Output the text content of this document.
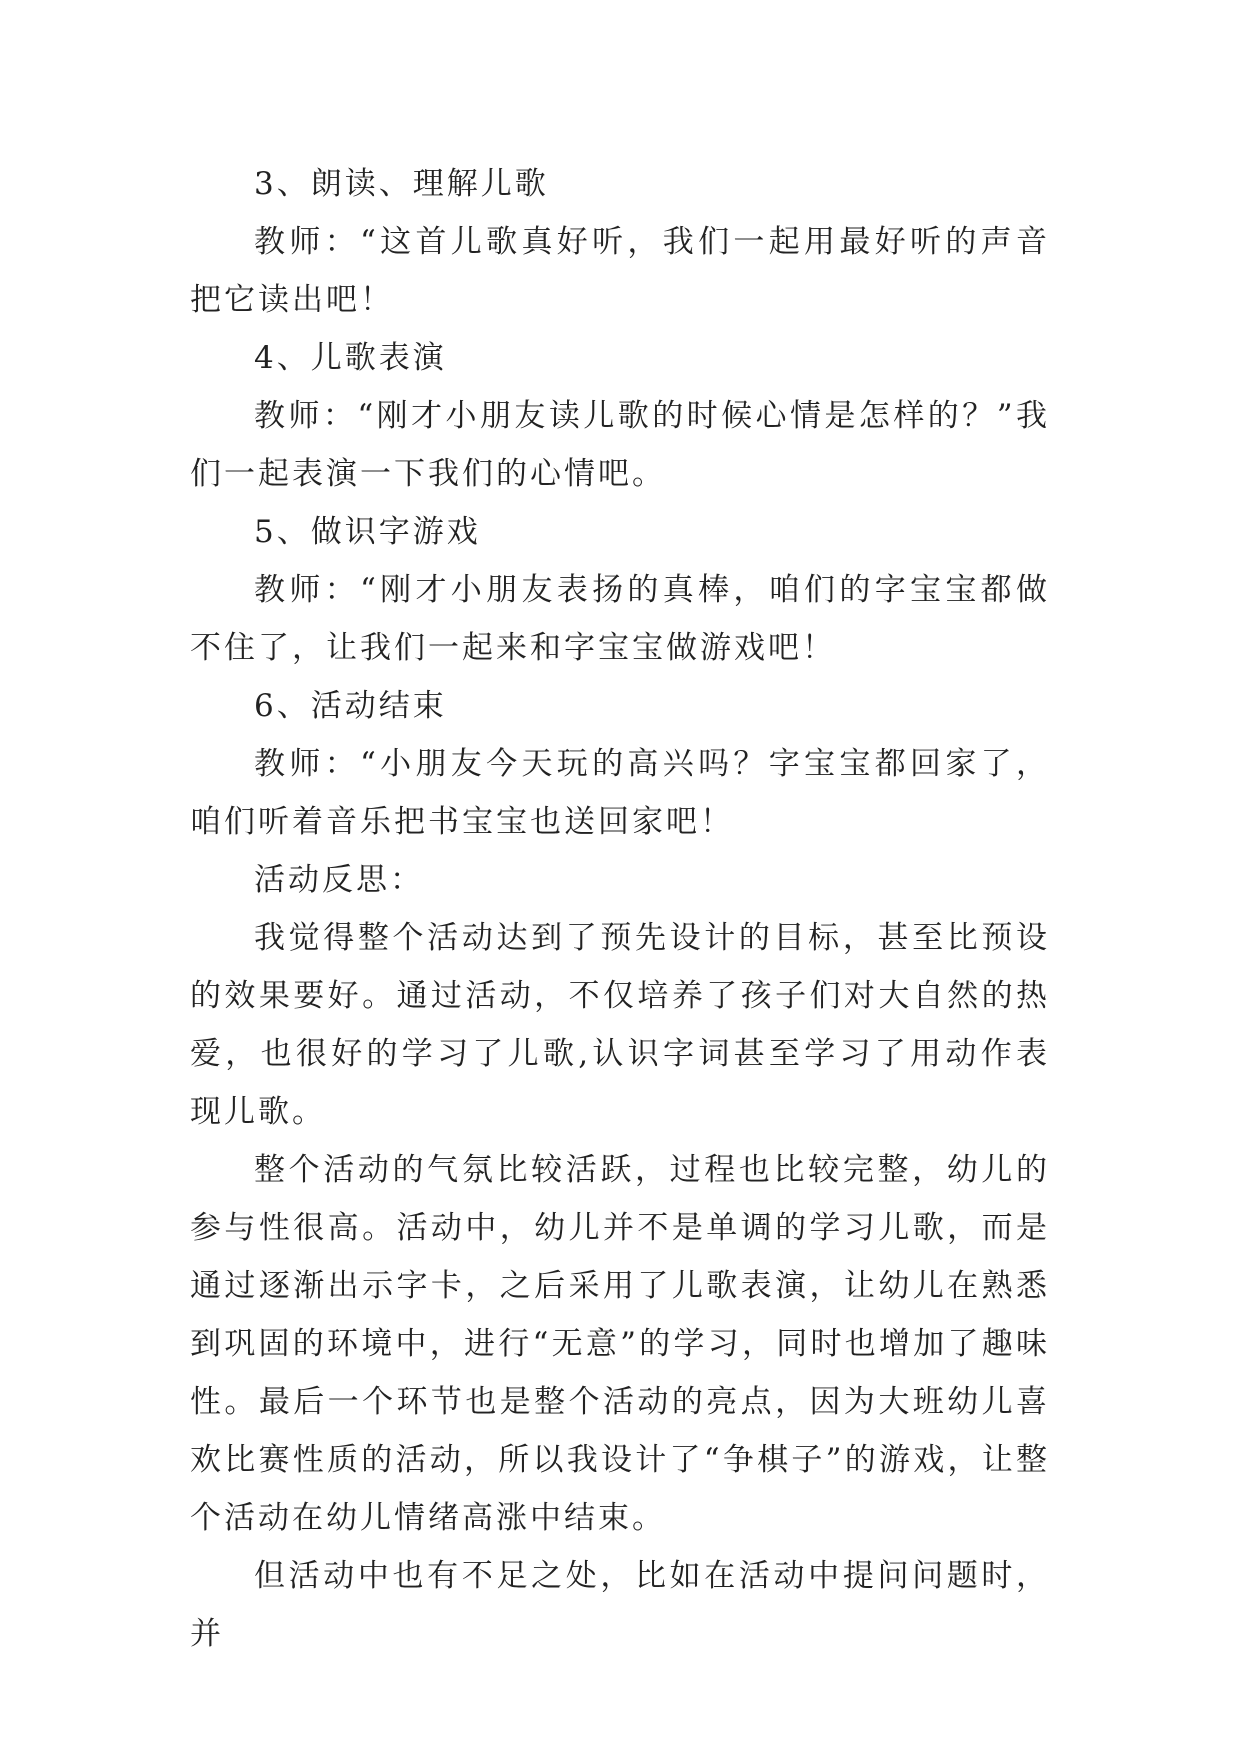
3、朗读、理解儿歌

教师：“这首儿歌真好听，我们一起用最好听的声音把它读出吧！

4、儿歌表演

教师：“刚才小朋友读儿歌的时候心情是怎样的？”我们一起表演一下我们的心情吧。

5、做识字游戏

教师：“刚才小朋友表扬的真棒，咱们的字宝宝都做不住了，让我们一起来和字宝宝做游戏吧！

6、活动结束

教师：“小朋友今天玩的高兴吗？字宝宝都回家了，咱们听着音乐把书宝宝也送回家吧！

活动反思：

我觉得整个活动达到了预先设计的目标，甚至比预设的效果要好。通过活动，不仅培养了孩子们对大自然的热爱，也很好的学习了儿歌,认识字词甚至学习了用动作表现儿歌。

整个活动的气氛比较活跃，过程也比较完整，幼儿的参与性很高。活动中，幼儿并不是单调的学习儿歌，而是通过逐渐出示字卡，之后采用了儿歌表演，让幼儿在熟悉到巩固的环境中，进行“无意”的学习，同时也增加了趣味性。最后一个环节也是整个活动的亮点，因为大班幼儿喜欢比赛性质的活动，所以我设计了“争棋子”的游戏，让整个活动在幼儿情绪高涨中结束。

但活动中也有不足之处，比如在活动中提问问题时，并
